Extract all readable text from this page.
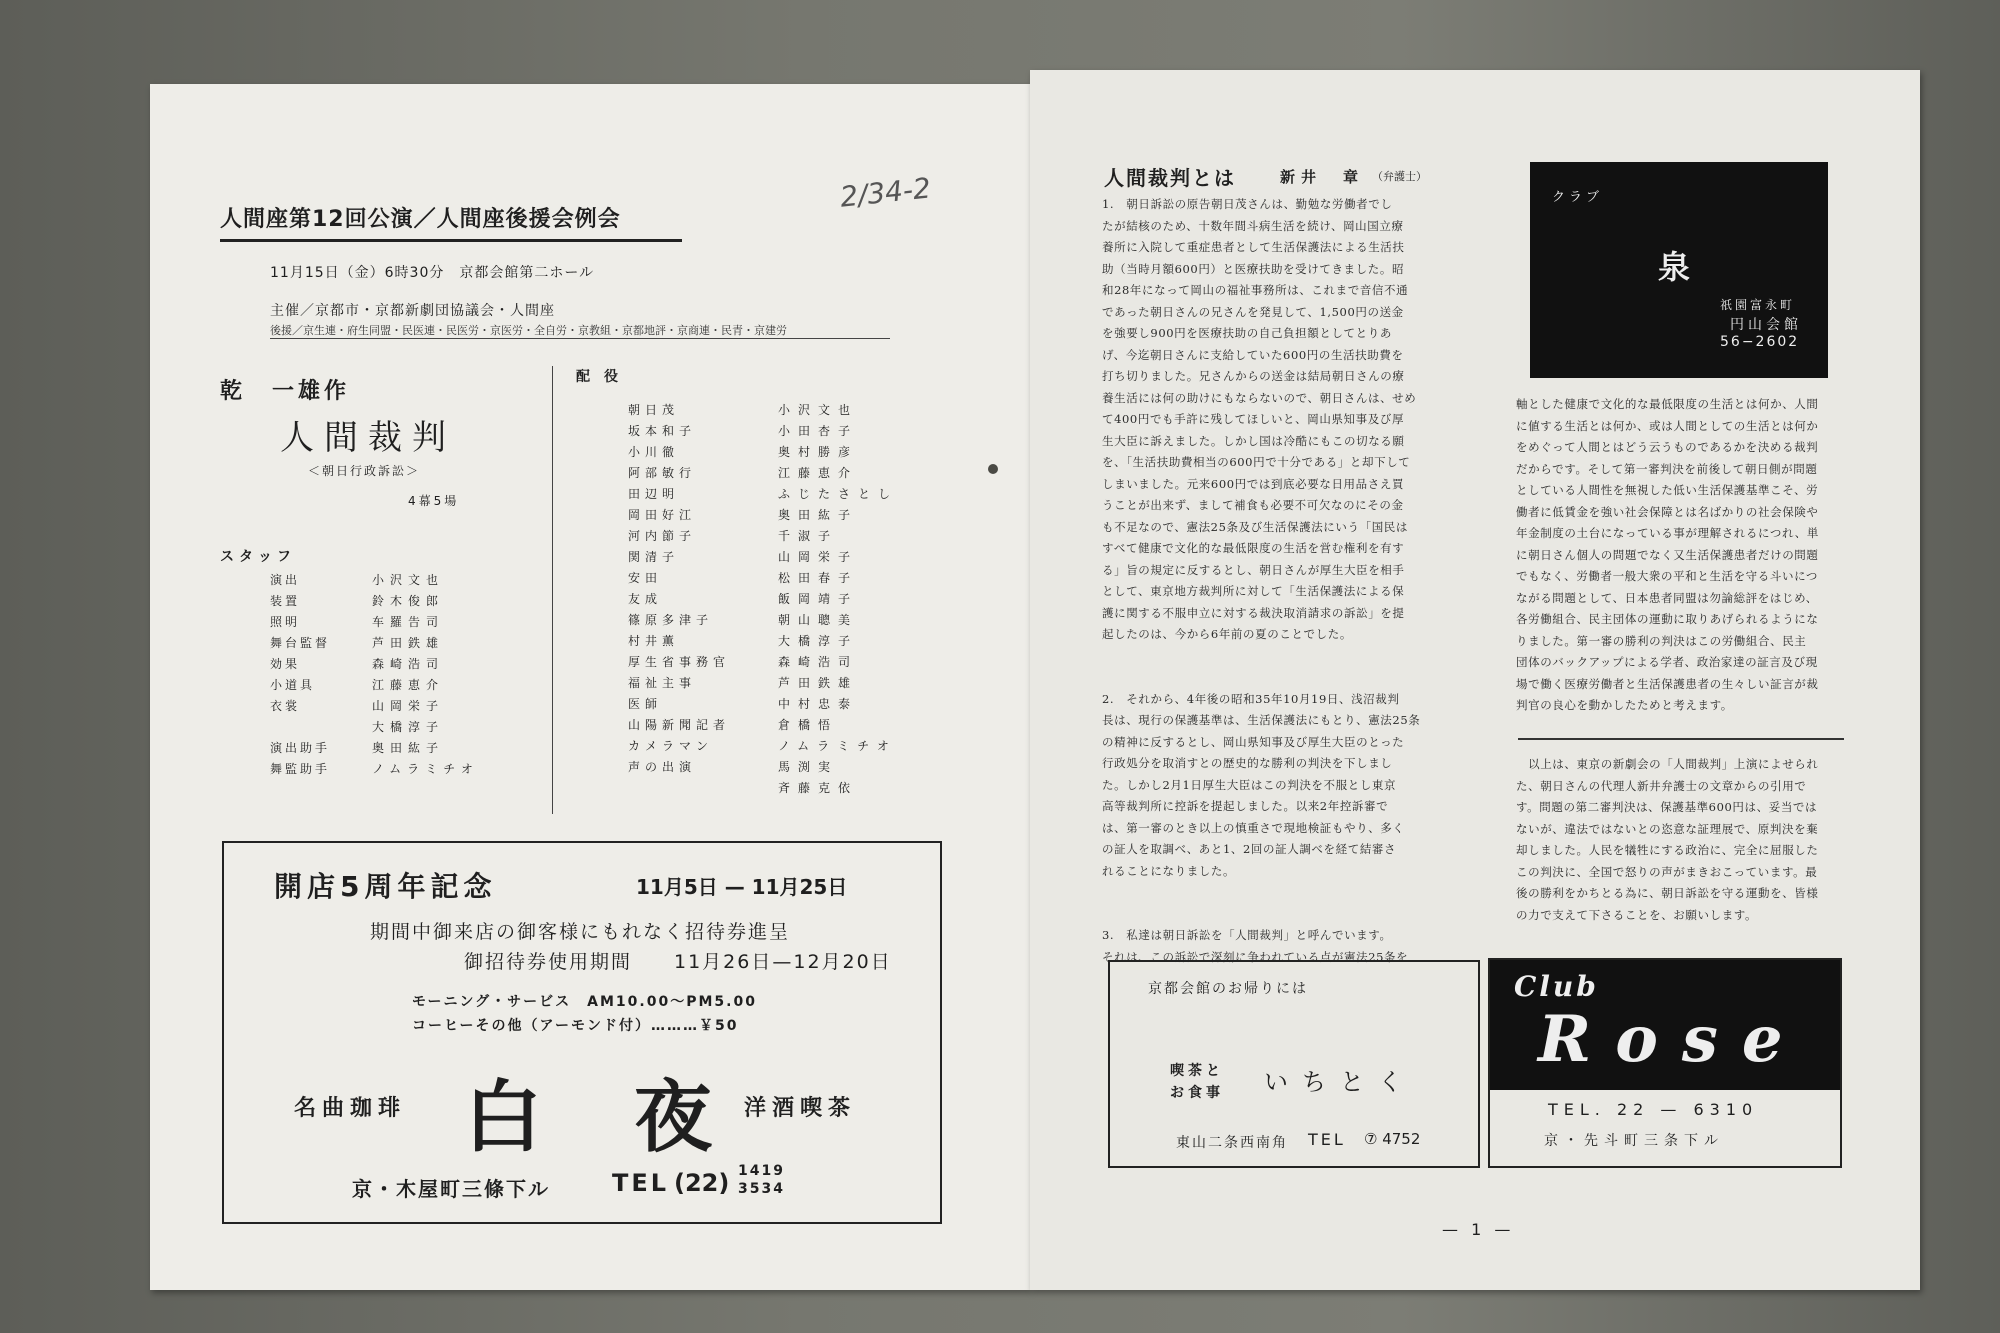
2/34-2
人間座第12回公演／人間座後援会例会
11月15日（金）6時30分　京都会館第二ホール
主催／京都市・京都新劇団協議会・人間座
後援／京生連・府生同盟・民医連・民医労・京医労・全自労・京教組・京都地評・京商連・民青・京建労
乾　一雄作
人間裁判
＜朝日行政訴訟＞
4幕5場
スタッフ
演出	小沢文也
装置	鈴木俊郎
照明	车羅告司
舞台監督	芦田鉄雄
効果	森崎浩司
小道具	江藤恵介
衣裳	山岡栄子
大橋淳子
演出助手	奥田紘子
舞監助手	ノムラミチオ
配役
朝日茂	小沢文也
坂本和子	小田杏子
小川徹	奥村勝彦
阿部敏行	江藤恵介
田辺明	ふじたさとし
岡田好江	奥田紘子
河内節子	千淑子
関清子	山岡栄子
安田	松田春子
友成	飯岡靖子
篠原多津子	朝山聰美
村井薫	大橋淳子
厚生省事務官	森崎浩司
福祉主事	芦田鉄雄
医師	中村忠泰
山陽新聞記者	倉橋悟
カメラマン	ノムラミチオ
声の出演	馬渕実
斉藤克依
開店5周年記念	11月5日 — 11月25日
期間中御来店の御客様にもれなく招待券進呈
御招待券使用期間　　11月26日—12月20日
モーニング・サービス　AM10.00〜PM5.00
コーヒーその他（アーモンド付）………￥50
名曲珈琲 白 夜 洋酒喫茶
京・木屋町三條下ル	TEL (22) 1419
3534
人間裁判とは	新井　章 （弁護士）
1.　朝日訴訟の原告朝日茂さんは、勤勉な労働者でし
たが結核のため、十数年間斗病生活を続け、岡山国立療
養所に入院して重症患者として生活保護法による生活扶
助（当時月額600円）と医療扶助を受けてきました。昭
和28年になって岡山の福祉事務所は、これまで音信不通
であった朝日さんの兄さんを発見して、1,500円の送金
を強要し900円を医療扶助の自己負担額としてとりあ
げ、今迄朝日さんに支給していた600円の生活扶助費を
打ち切りました。兄さんからの送金は結局朝日さんの療
養生活には何の助けにもならないので、朝日さんは、せめ
て400円でも手許に残してほしいと、岡山県知事及び厚
生大臣に訴えました。しかし国は冷酷にもこの切なる願
を、「生活扶助費相当の600円で十分である」と却下して
しまいました。元来600円では到底必要な日用品さえ買
うことが出来ず、まして補食も必要不可欠なのにその金
も不足なので、憲法25条及び生活保護法にいう「国民は
すべて健康で文化的な最低限度の生活を営む権利を有す
る」旨の規定に反するとし、朝日さんが厚生大臣を相手
として、東京地方裁判所に対して「生活保護法による保
護に関する不服申立に対する裁決取消請求の訴訟」を提
起したのは、今から6年前の夏のことでした。

2.　それから、4年後の昭和35年10月19日、浅沼裁判
長は、現行の保護基準は、生活保護法にもとり、憲法25条
の精神に反するとし、岡山県知事及び厚生大臣のとった
行政処分を取消すとの歴史的な勝利の判決を下しまし
た。しかし2月1日厚生大臣はこの判決を不服とし東京
高等裁判所に控訴を提起しました。以来2年控訴審で
は、第一審のとき以上の慎重さで現地検証もやり、多く
の証人を取調べ、あと1、2回の証人調べを経て結審さ
れることになりました。

3.　私達は朝日訴訟を「人間裁判」と呼んでいます。
それは、この訴訟で深刻に争われている点が憲法25条を
クラブ
泉
祇園富永町
円山会館
56−2602
軸とした健康で文化的な最低限度の生活とは何か、人間
に値する生活とは何か、或は人間としての生活とは何か
をめぐって人間とはどう云うものであるかを決める裁判
だからです。そして第一審判決を前後して朝日側が問題
としている人間性を無視した低い生活保護基準こそ、労
働者に低賃金を強い社会保障とは名ばかりの社会保険や
年金制度の土台になっている事が理解されるにつれ、単
に朝日さん個人の問題でなく又生活保護患者だけの問題
でもなく、労働者一般大衆の平和と生活を守る斗いにつ
ながる問題として、日本患者同盟は勿論総評をはじめ、
各労働組合、民主団体の運動に取りあげられるようにな
りました。第一審の勝利の判決はこの労働組合、民主
団体のバックアップによる学者、政治家達の証言及び現
場で働く医療労働者と生活保護患者の生々しい証言が裁
判官の良心を動かしたためと考えます。
　以上は、東京の新劇会の「人間裁判」上演によせられ
た、朝日さんの代理人新井弁護士の文章からの引用で
す。問題の第二審判決は、保護基準600円は、妥当では
ないが、違法ではないとの恣意な証理展で、原判決を棄
却しました。人民を犠牲にする政治に、完全に屈服した
この判決に、全国で怒りの声がまきおこっています。最
後の勝利をかちとる為に、朝日訴訟を守る運動を、皆様
の力で支えて下さることを、お願いします。
京都会館のお帰りには
喫茶と
お食事 いちとく
東山二条西南角 TEL ⑦ 4752
Club
Rose
TEL. 22 — 6310
京・先斗町三条下ル
— 1 —
